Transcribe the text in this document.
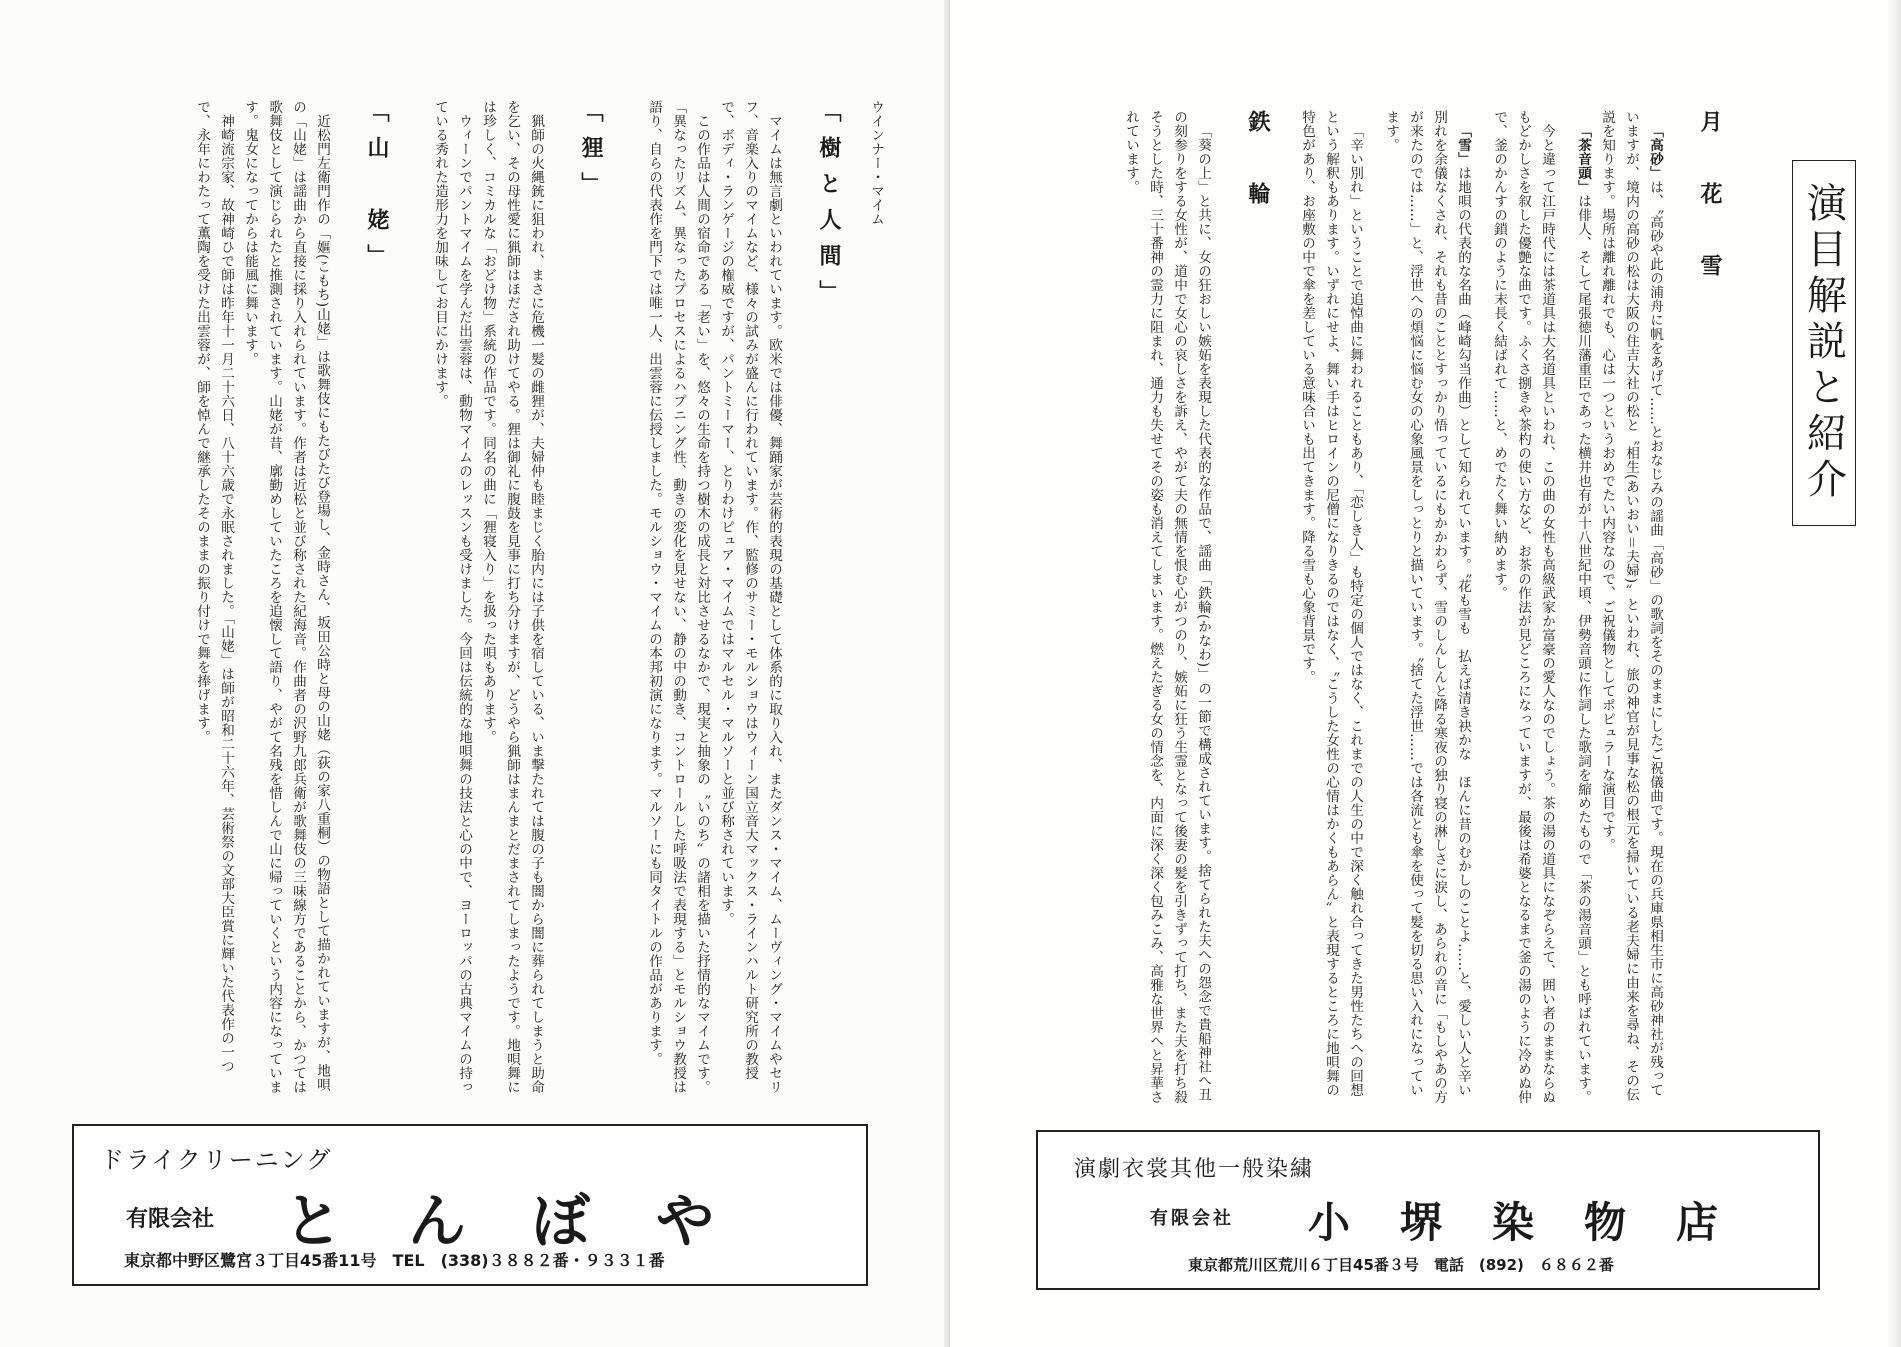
ウインナー・マイム

「樹と人間」

マイムは無言劇といわれています。欧米では俳優、舞踊家が芸術的表現の基礎として体系的に取り入れ、またダンス・マイム、ムーヴィング・マイムやセリフ、音楽入りのマイムなど、様々の試みが盛んに行われています。作、監修のサミー・モルショウはウィーン国立音大マックス・ラインハルト研究所の教授で、ボディ・ランゲージの権威ですが、パントミーマー、とりわけピュア・マイムではマルセル・マルソーと並び称されています。

この作品は人間の宿命である「老い」を、悠々の生命を持つ樹木の成長と対比させるなかで、現実と抽象の〝いのち〟の諸相を描いた抒情的なマイムです。「異なったリズム、異なったプロセスによるハプニング性、動きの変化を見せない、静の中の動き、コントロールした呼吸法で表現する」とモルショウ教授は語り、自らの代表作を門下では唯一人、出雲蓉に伝授しました。モルショウ・マイムの本邦初演になります。マルソーにも同タイトルの作品があります。

「狸」

猟師の火縄銃に狙われ、まさに危機一髪の雌狸が、夫婦仲も睦まじく胎内には子供を宿している、いま撃たれては腹の子も闇から闇に葬られてしまうと助命を乞い、その母性愛に猟師はほだされ助けてやる。狸は御礼に腹鼓を見事に打ち分けますが、どうやら猟師はまんまとだまされてしまったようです。地唄舞には珍しく、コミカルな「おどけ物」系統の作品です。同名の曲に「狸寝入り」を扱った唄もあります。

ウィーンでパントマイムを学んだ出雲蓉は、動物マイムのレッスンも受けました。今回は伝統的な地唄舞の技法と心の中で、ヨーロッパの古典マイムの持っている秀れた造形力を加味してお目にかけます。

「山　姥」

近松門左衛門作の「嫗(こもち)山姥」は歌舞伎にもたびたび登場し、金時さん、坂田公時と母の山姥（荻の家八重桐）の物語として描かれていますが、地唄の「山姥」は謡曲から直接に採り入れられています。作者は近松と並び称された紀海音。作曲者の沢野九郎兵衛が歌舞伎の三味線方であることから、かつては歌舞伎として演じられたと推測されています。山姥が昔、廓勤めしていたころを追懐して語り、やがて名残を惜しんで山に帰っていくという内容になっています。鬼女になってからは能風に舞います。

神崎流宗家、故神崎ひで師は昨年十一月二十六日、八十六歳で永眠されました。「山姥」は師が昭和二十六年、芸術祭の文部大臣賞に輝いた代表作の一つで、永年にわたって薫陶を受けた出雲蓉が、師を悼んで継承したそのままの振り付けで舞を捧げます。

ドライクリーニング
有限会社 と　ん　ぼ　や
東京都中野区鷺宮３丁目45番11号　TEL　(338)３８８２番・９３３１番
月　花　雪

「高砂」は、〝高砂や此の浦舟に帆をあげて……とおなじみの謡曲「高砂」の歌詞をそのままにしたご祝儀曲です。現在の兵庫県相生市に高砂神社が残っていますが、境内の高砂の松は大阪の住吉大社の松と〝相生(あいおい＝夫婦)〟といわれ、旅の神官が見事な松の根元を掃いている老夫婦に由来を尋ね、その伝説を知ります。場所は離れ離れでも、心は一つというおめでたい内容なので、ご祝儀物としてポピュラーな演目です。

「茶音頭」は俳人、そして尾張徳川藩重臣であった横井也有が十八世紀中頃、伊勢音頭に作詞した歌詞を縮めたもので「茶の湯音頭」とも呼ばれています。

今と違って江戸時代には茶道具は大名道具といわれ、この曲の女性も高級武家か富豪の愛人なのでしょう。茶の湯の道具になぞらえて、囲い者のままならぬもどかしさを叙した優艶な曲です。ふくさ捌きや茶杓の使い方など、お茶の作法が見どころになっていますが、最後は希婆となるまで釜の湯のように冷めぬ仲で、釜のかんすの鎖のように末長く結ばれて……と、めでたく舞い納めます。

「雪」は地唄の代表的な名曲（峰崎勾当作曲）として知られています。〝花も雪も　払えば清き袂かな　ほんに昔のむかしのことよ……と、愛しい人と辛い別れを余儀なくされ、それも昔のこととすっかり悟っているにもかかわらず、雪のしんしんと降る寒夜の独り寝の淋しさに涙し、あられの音に「もしやあの方が来たのでは……」と、浮世への煩悩に悩む女の心象風景をしっとりと描いています。〝捨てた浮世……では各流とも傘を使って髪を切る思い入れになっています。

「辛い別れ」ということで追悼曲に舞われることもあり、「恋しき人」も特定の個人ではなく、これまでの人生の中で深く触れ合ってきた男性たちへの回想という解釈もあります。いずれにせよ、舞い手はヒロインの尼僧になりきるのではなく、〝こうした女性の心情はかくもあらん〟と表現するところに地唄舞の特色があり、お座敷の中で傘を差している意味合いも出てきます。降る雪も心象背景です。

鉄　輪

「葵の上」と共に、女の狂おしい嫉妬を表現した代表的な作品で、謡曲「鉄輪(かなわ)」の一節で構成されています。捨てられた夫への怨念で貴船神社へ丑の刻参りをする女性が、道中で女心の哀しさを訴え、やがて夫の無情を恨む心がつのり、嫉妬に狂う生霊となって後妻の髪を引きずって打ち、また夫を打ち殺そうとした時、三十番神の霊力に阻まれ、通力も失せてその姿も消えてしまいます。燃えたぎる女の情念を、内面に深く深く包みこみ、高雅な世界へと昇華されています。

演目解説と紹介
演劇衣裳其他一般染繍
有限会社 小　堺　染　物　店
東京都荒川区荒川６丁目45番３号　電話　(892)　６８６２番
